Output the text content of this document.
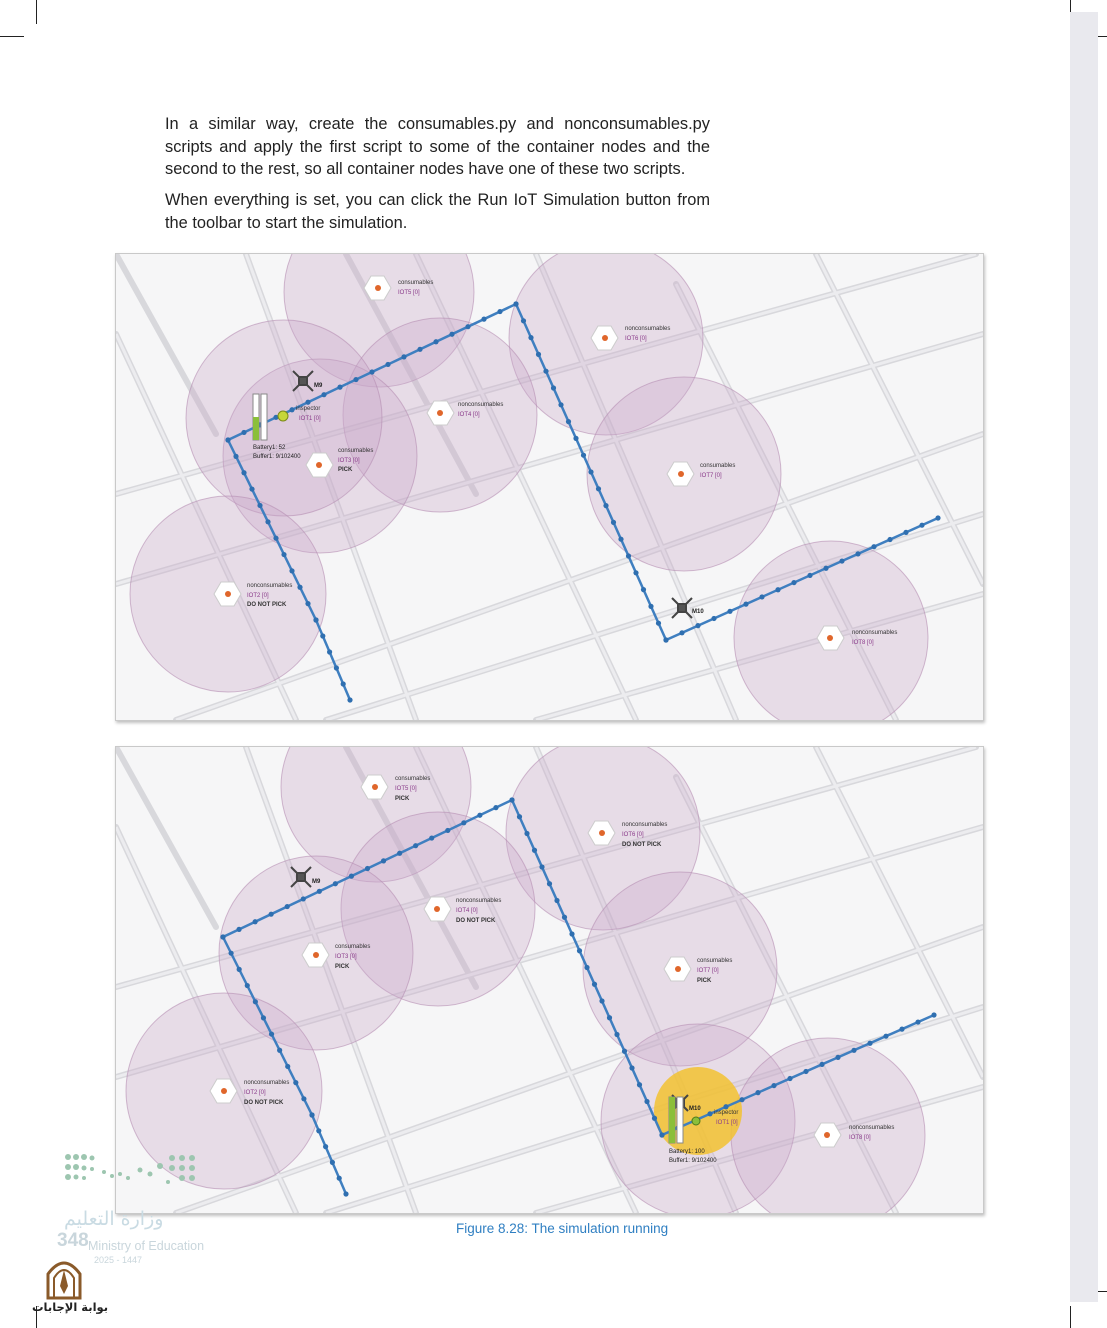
In a similar way, create the consumables.py and nonconsumables.py scripts and apply the first script to some of the container nodes and the second to the rest, so all container nodes have one of these two scripts.

When everything is set, you can click the Run IoT Simulation button from the toolbar to start the simulation.

consumables
IOT5 [0]
nonconsumables
IOT6 [0]
nonconsumables
IOT4 [0]
consumables
IOT3 [0]
PICK
consumables
IOT7 [0]
nonconsumables
IOT2 [0]
DO NOT PICK
nonconsumables
IOT8 [0]
M9
M10
inspector
IOT1 [0]
Battery1: 52
Buffer1: 9/102400
consumables
IOT5 [0]
PICK
nonconsumables
IOT6 [0]
DO NOT PICK
nonconsumables
IOT4 [0]
DO NOT PICK
consumables
IOT3 [0]
PICK
consumables
IOT7 [0]
PICK
nonconsumables
IOT2 [0]
DO NOT PICK
nonconsumables
IOT8 [0]
M9
M10
inspector
IOT1 [0]
Battery1: 100
Buffer1: 9/102400
Figure 8.28: The simulation running
وزارة التعليم
348 Ministry of Education
2025 - 1447
بوابة الإجابات
